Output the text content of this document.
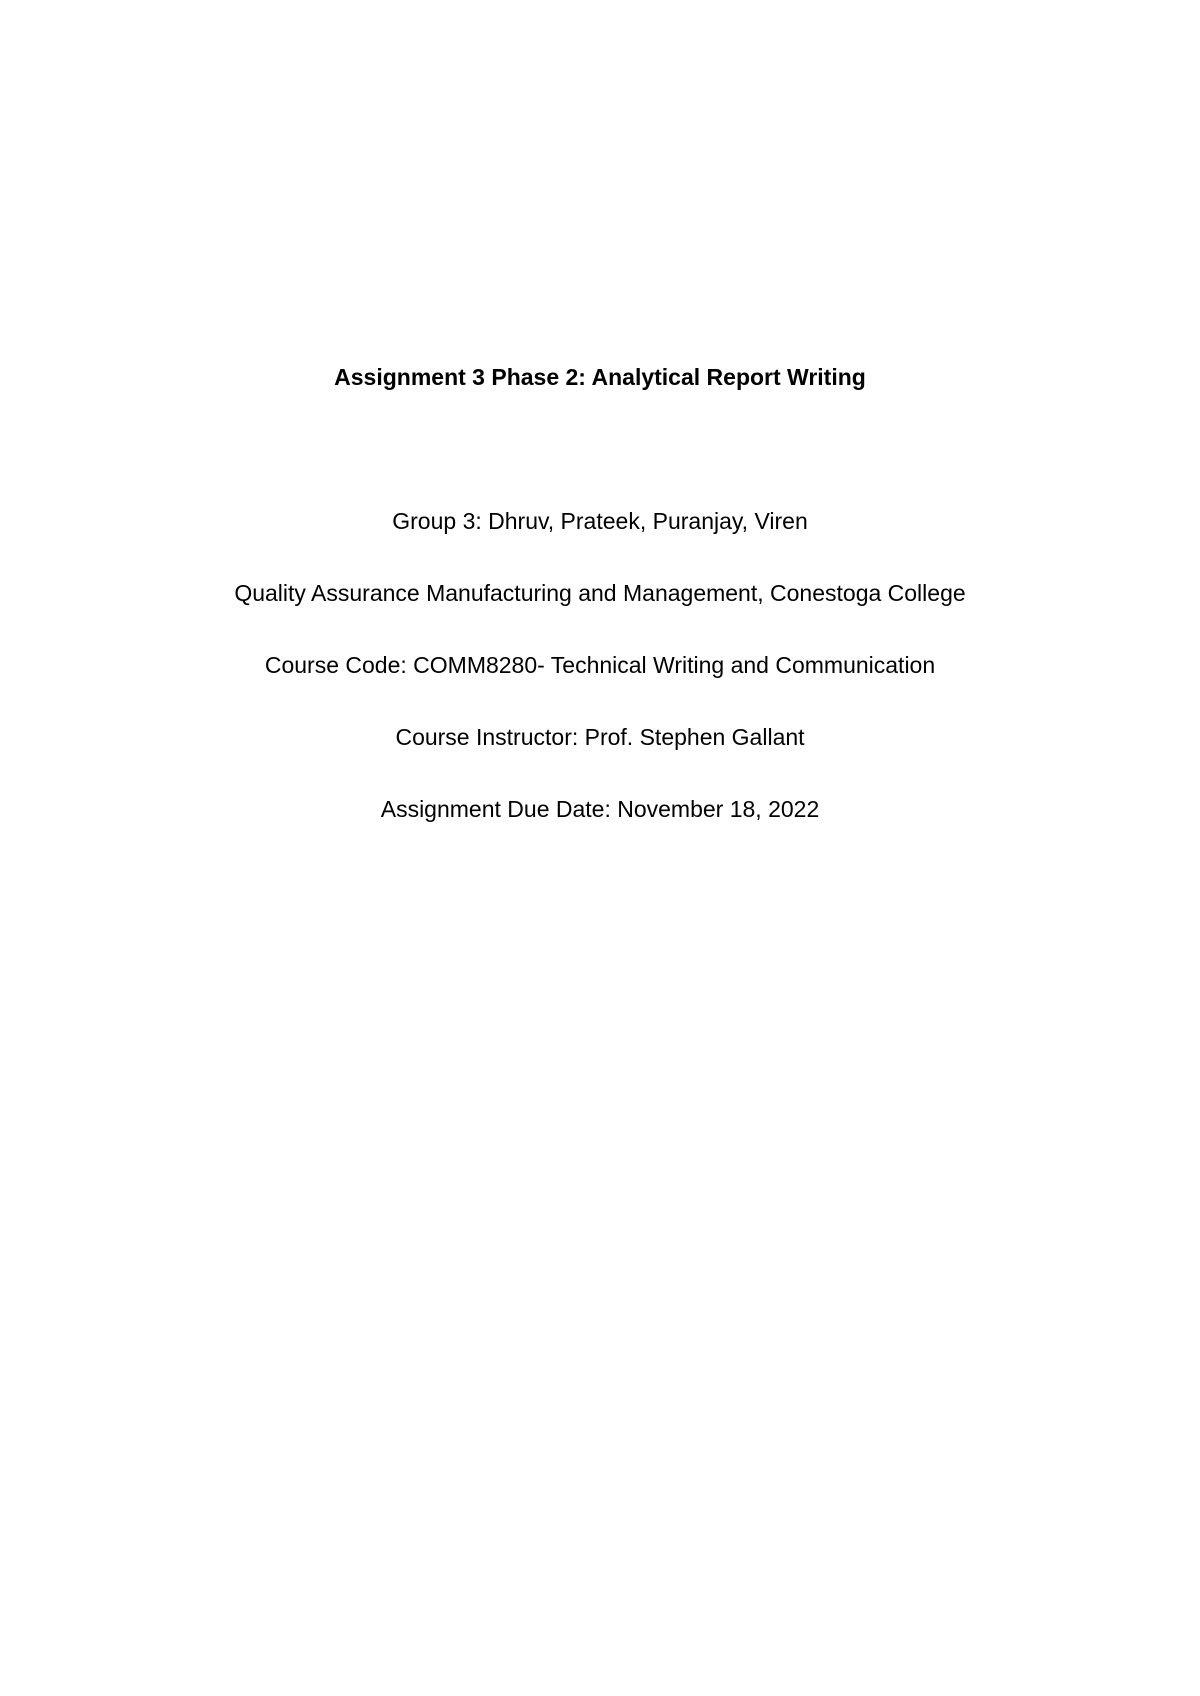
Assignment 3 Phase 2: Analytical Report Writing
Group 3: Dhruv, Prateek, Puranjay, Viren
Quality Assurance Manufacturing and Management, Conestoga College
Course Code: COMM8280- Technical Writing and Communication
Course Instructor: Prof. Stephen Gallant
Assignment Due Date: November 18, 2022
